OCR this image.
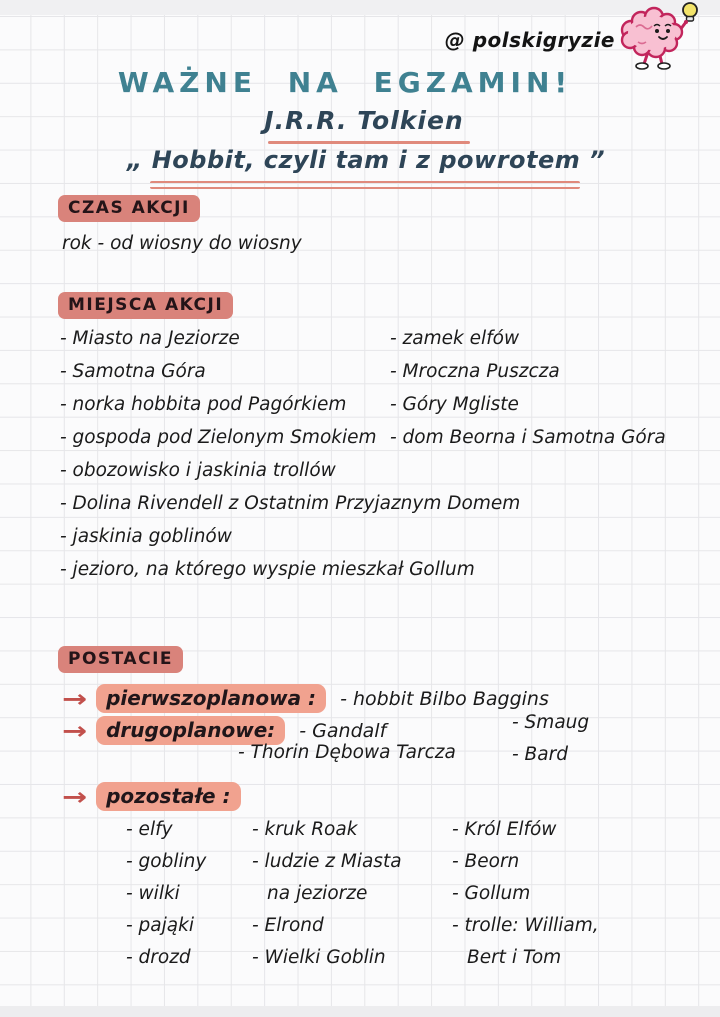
@ polskigryzie
WAŻNE NA EGZAMIN!
J.R.R. Tolkien
„ Hobbit, czyli tam i z powrotem ”
CZAS AKCJI
rok - od wiosny do wiosny
MIEJSCA AKCJI
- Miasto na Jeziorze
- Samotna Góra
- norka hobbita pod Pagórkiem
- gospoda pod Zielonym Smokiem
- obozowisko i jaskinia trollów
- Dolina Rivendell z Ostatnim Przyjaznym Domem
- jaskinia goblinów
- jezioro, na którego wyspie mieszkał Gollum
- zamek elfów
- Mroczna Puszcza
- Góry Mgliste
- dom Beorna i Samotna Góra
POSTACIE
→ pierwszoplanowa :	- hobbit Bilbo Baggins
→ drugoplanowe:	- Gandalf
- Thorin Dębowa Tarcza
- Smaug
- Bard
→ pozostałe :
- elfy
- gobliny
- wilki
- pająki
- drozd
- kruk Roak
- ludzie z Miasta
na jeziorze
- Elrond
- Wielki Goblin
- Król Elfów
- Beorn
- Gollum
- trolle: William,
Bert i Tom
